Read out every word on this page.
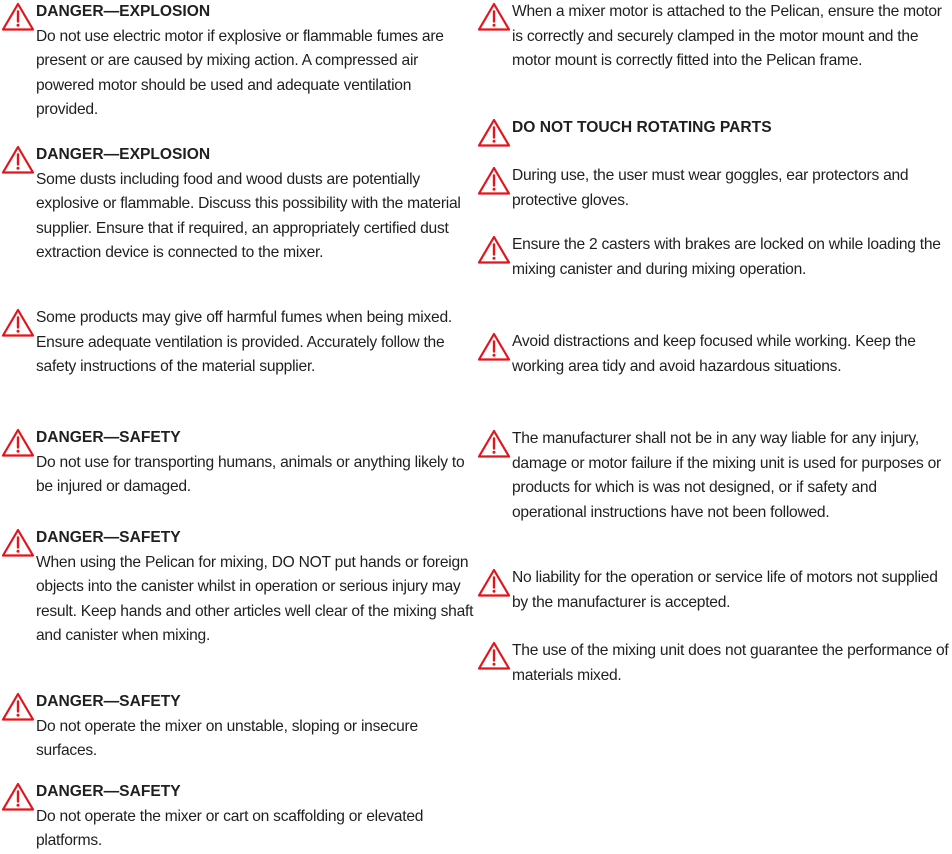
DANGER—EXPLOSION

Do not use electric motor if explosive or flammable fumes are present or are caused by mixing action. A compressed air powered motor should be used and adequate ventilation provided.

DANGER—EXPLOSION

Some dusts including food and wood dusts are potentially explosive or flammable. Discuss this possibility with the material supplier. Ensure that if required, an appropriately certified dust extraction device is connected to the mixer.

Some products may give off harmful fumes when being mixed. Ensure adequate ventilation is provided. Accurately follow the safety instructions of the material supplier.

DANGER—SAFETY

Do not use for transporting humans, animals or anything likely to be injured or damaged.

DANGER—SAFETY

When using the Pelican for mixing, DO NOT put hands or foreign objects into the canister whilst in operation or serious injury may result. Keep hands and other articles well clear of the mixing shaft and canister when mixing.

DANGER—SAFETY

Do not operate the mixer on unstable, sloping or insecure surfaces.

DANGER—SAFETY

Do not operate the mixer or cart on scaffolding or elevated platforms.

When a mixer motor is attached to the Pelican, ensure the motor is correctly and securely clamped in the motor mount and the motor mount is correctly fitted into the Pelican frame.

DO NOT TOUCH ROTATING PARTS

During use, the user must wear goggles, ear protectors and protective gloves.

Ensure the 2 casters with brakes are locked on while loading the mixing canister and during mixing operation.

Avoid distractions and keep focused while working. Keep the working area tidy and avoid hazardous situations.

The manufacturer shall not be in any way liable for any injury, damage or motor failure if the mixing unit is used for purposes or products for which is was not designed, or if safety and operational instructions have not been followed.

No liability for the operation or service life of motors not supplied by the manufacturer is accepted.

The use of the mixing unit does not guarantee the performance of materials mixed.
